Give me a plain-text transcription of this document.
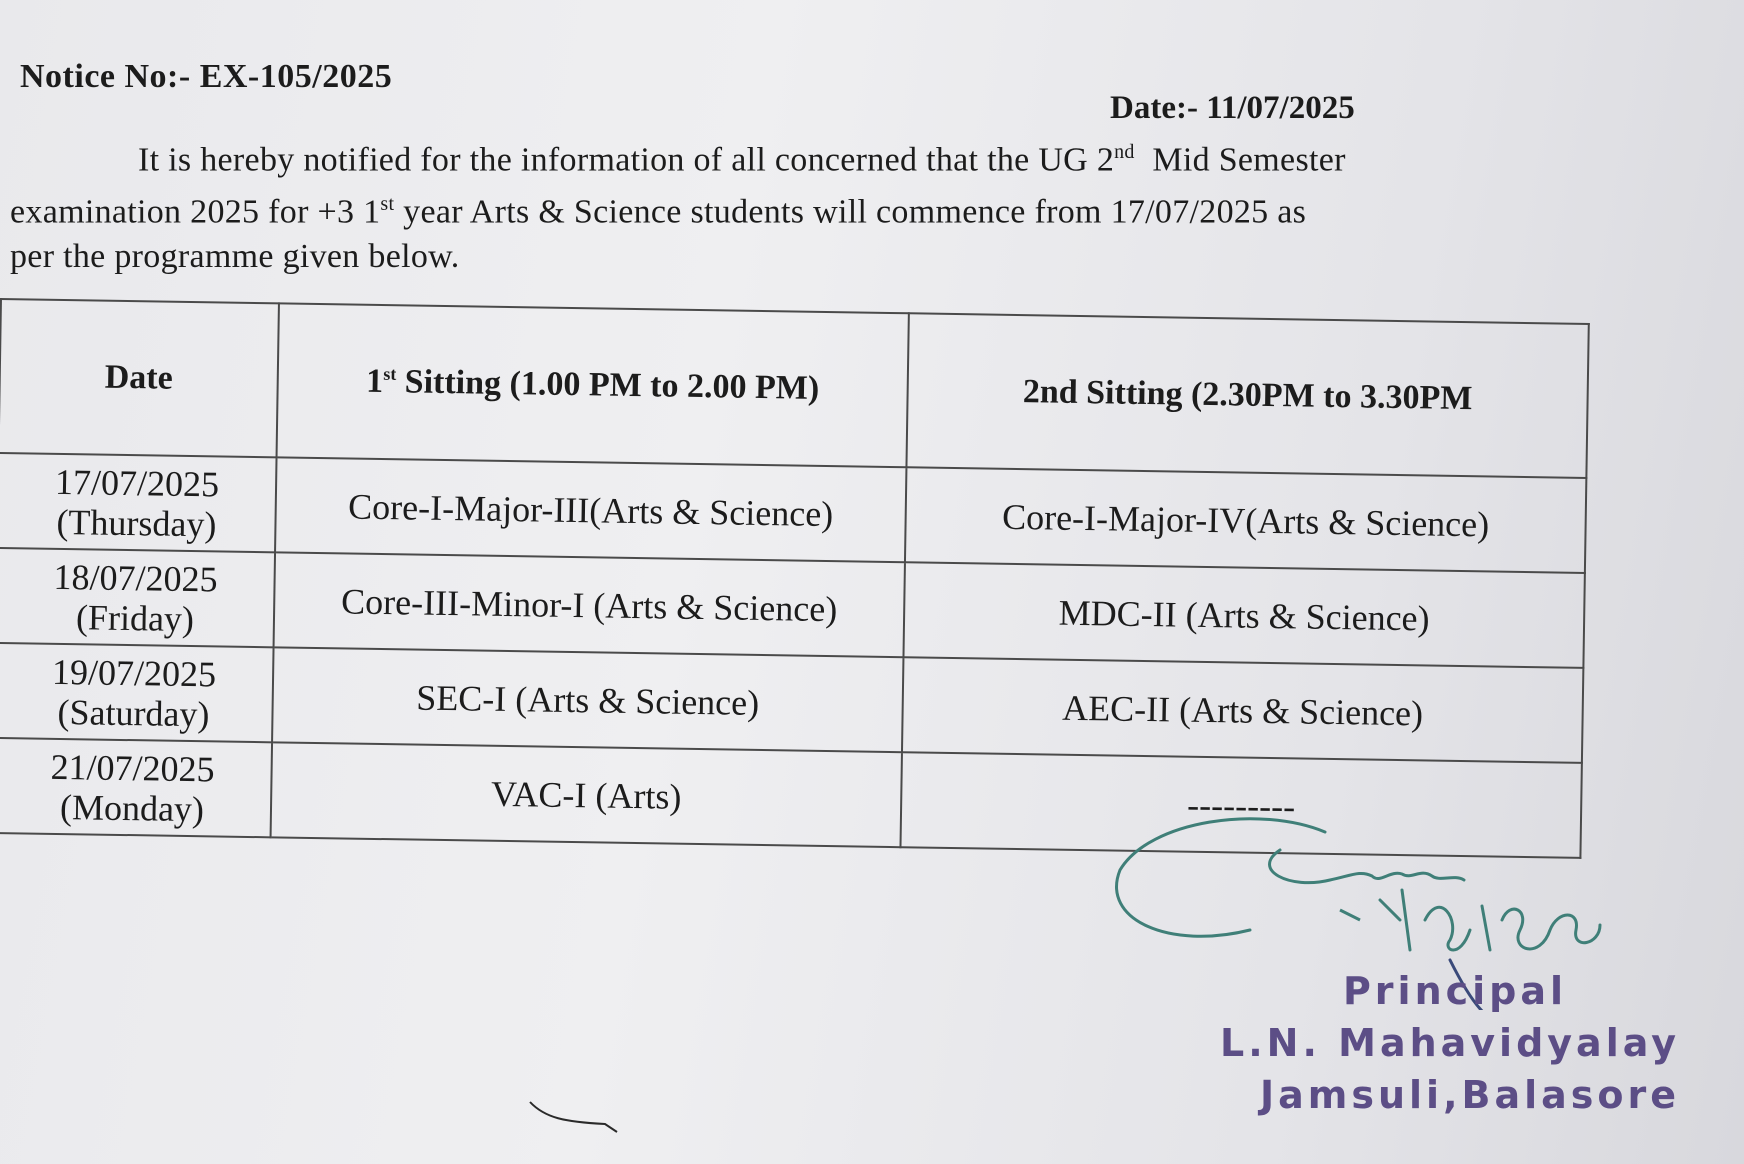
Notice No:- EX-105/2025
Date:- 11/07/2025

It is hereby notified for the information of all concerned that the UG 2nd  Mid Semester

examination 2025 for +3 1st year Arts & Science students will commence from 17/07/2025 as

per the programme given below.

Date	1st Sitting (1.00 PM to 2.00 PM)	2nd Sitting (2.30PM to 3.30PM

17/07/2025
(Thursday)	Core-I-Major-III(Arts & Science)	Core-I-Major-IV(Arts & Science)

18/07/2025
(Friday)	Core-III-Minor-I (Arts & Science)	MDC-II (Arts & Science)

19/07/2025
(Saturday)	SEC-I (Arts & Science)	AEC-II (Arts & Science)

21/07/2025
(Monday)	VAC-I (Arts)	---------
Principal
L.N. Mahavidyalay
Jamsuli,Balasore
